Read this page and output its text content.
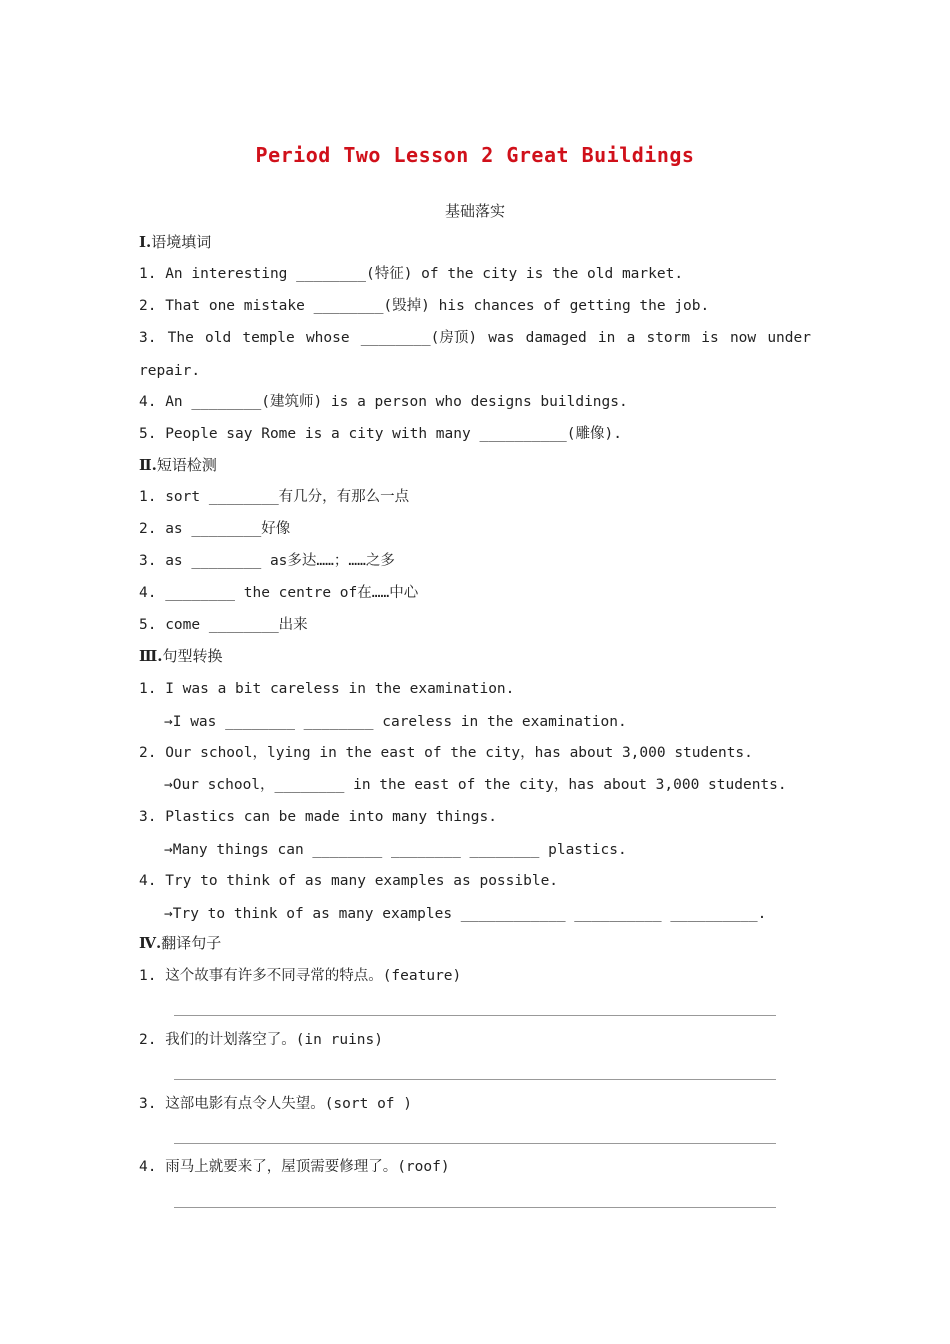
Period Two Lesson 2 Great Buildings
基础落实
Ⅰ.语境填词
1. An interesting ________(特征) of the city is the old market.
2. That one mistake ________(毁掉) his chances of getting the job.
3. The old temple whose ________(房顶) was damaged in a storm is now under
repair.
4. An ________(建筑师) is a person who designs buildings.
5. People say Rome is a city with many __________(雕像).
Ⅱ.短语检测
1. sort ________有几分，有那么一点
2. as ________好像
3. as ________ as多达……；……之多
4. ________ the centre of在……中心
5. come ________出来
Ⅲ.句型转换
1. I was a bit careless in the examination.
→I was ________ ________ careless in the examination.
2. Our school，lying in the east of the city，has about 3,000 students.
→Our school，________ in the east of the city，has about 3,000 students.
3. Plastics can be made into many things.
→Many things can ________ ________ ________ plastics.
4. Try to think of as many examples as possible.
→Try to think of as many examples ____________ __________ __________.
Ⅳ.翻译句子
1. 这个故事有许多不同寻常的特点。(feature)
2. 我们的计划落空了。(in ruins)
3. 这部电影有点令人失望。(sort of )
4. 雨马上就要来了，屋顶需要修理了。(roof)
